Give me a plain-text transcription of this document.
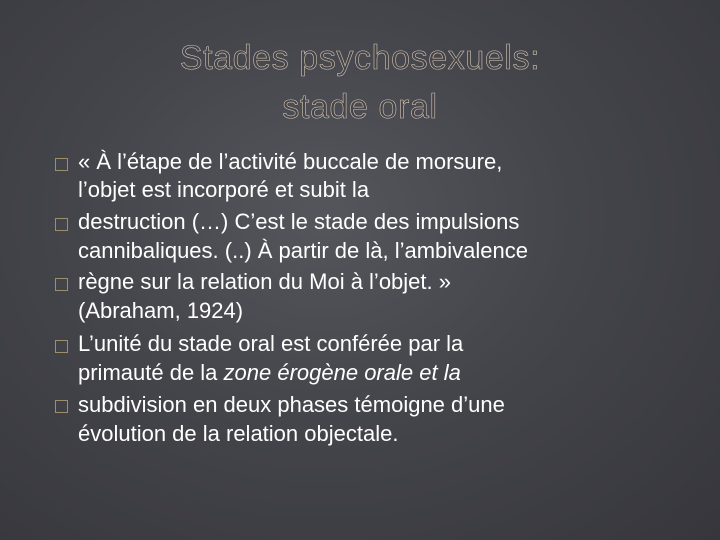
Stades psychosexuels:
stade oral
« À l’étape de l’activité buccale de morsure,
l’objet est incorporé et subit la
destruction (…) C’est le stade des impulsions
cannibaliques. (..) À partir de là, l’ambivalence
règne sur la relation du Moi à l’objet. »
(Abraham, 1924)
L’unité du stade oral est conférée par la
primauté de la zone érogène orale et la
subdivision en deux phases témoigne d’une
évolution de la relation objectale.
